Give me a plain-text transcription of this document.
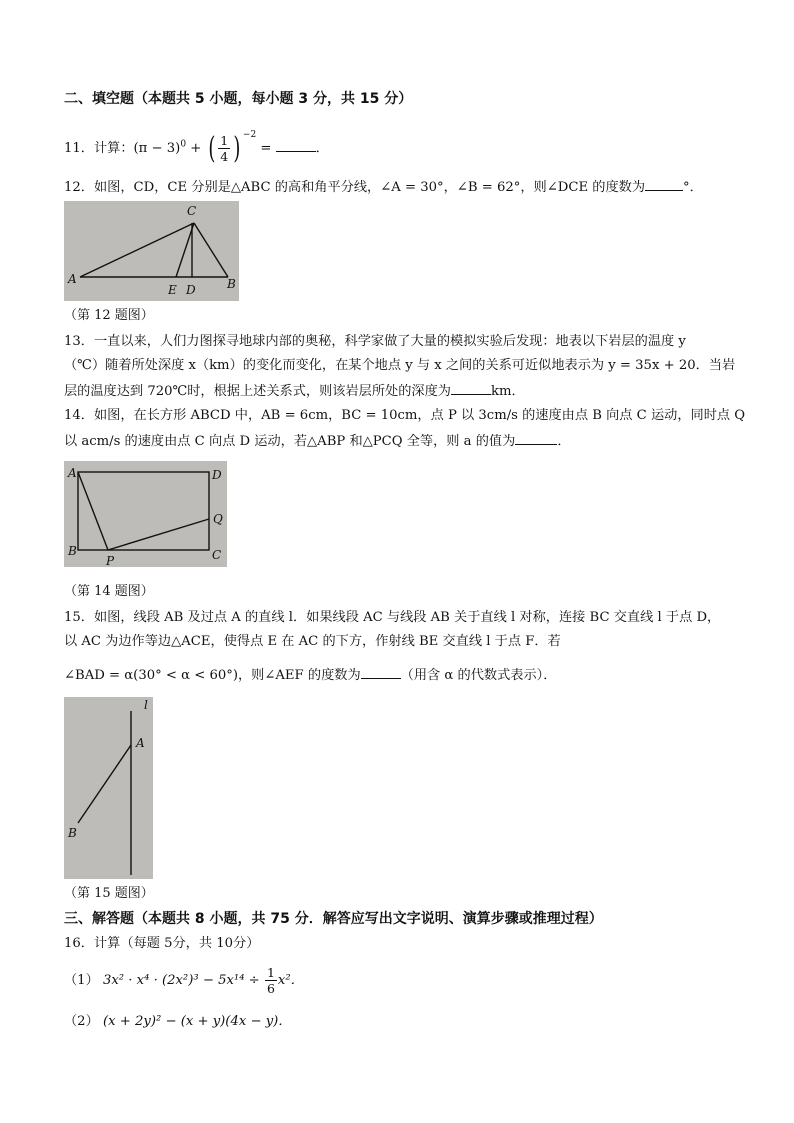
二、填空题（本题共 5 小题，每小题 3 分，共 15 分）
11．计算：$(\pi - 3)^0$ + ( $\frac{1}{4}$ ) $^{-2}$ =	．
12．如图，CD，CE 分别是△ABC 的高和角平分线，∠A = 30°，∠B = 62°，则∠DCE 的度数为	°．
C
A
E D	B
（第 12 题图）
13．一直以来，人们力图探寻地球内部的奥秘，科学家做了大量的模拟实验后发现：地表以下岩层的温度 y
（℃）随着所处深度 x（km）的变化而变化，在某个地点 y 与 x 之间的关系可近似地表示为 y = 35x + 20．当岩
层的温度达到 720℃时，根据上述关系式，则该岩层所处的深度为	km．
14．如图，在长方形 ABCD 中，AB = 6cm，BC = 10cm，点 P 以 3cm/s 的速度由点 B 向点 C 运动，同时点 Q
以 acm/s 的速度由点 C 向点 D 运动，若△ABP 和△PCQ 全等，则 a 的值为	．
A	D
Q
B
P	C
（第 14 题图）
15．如图，线段 AB 及过点 A 的直线 l．如果线段 AC 与线段 AB 关于直线 l 对称，连接 BC 交直线 l 于点 D，
以 AC 为边作等边△ACE，使得点 E 在 AC 的下方，作射线 BE 交直线 l 于点 F．若
∠BAD = α(30° < α < 60°)，则∠AEF 的度数为	（用含 α 的代数式表示）．
l
A
B
（第 15 题图）
三、解答题（本题共 8 小题，共 75 分．解答应写出文字说明、演算步骤或推理过程）
16．计算（每题 5分，共 10分）
（1） $3x^2 \cdot x^4 \cdot (2x^2)^3 - 5x^{14} \div \frac{1}{6} x^2$．
（2） (x + 2y)² − (x + y)(4x − y)．
